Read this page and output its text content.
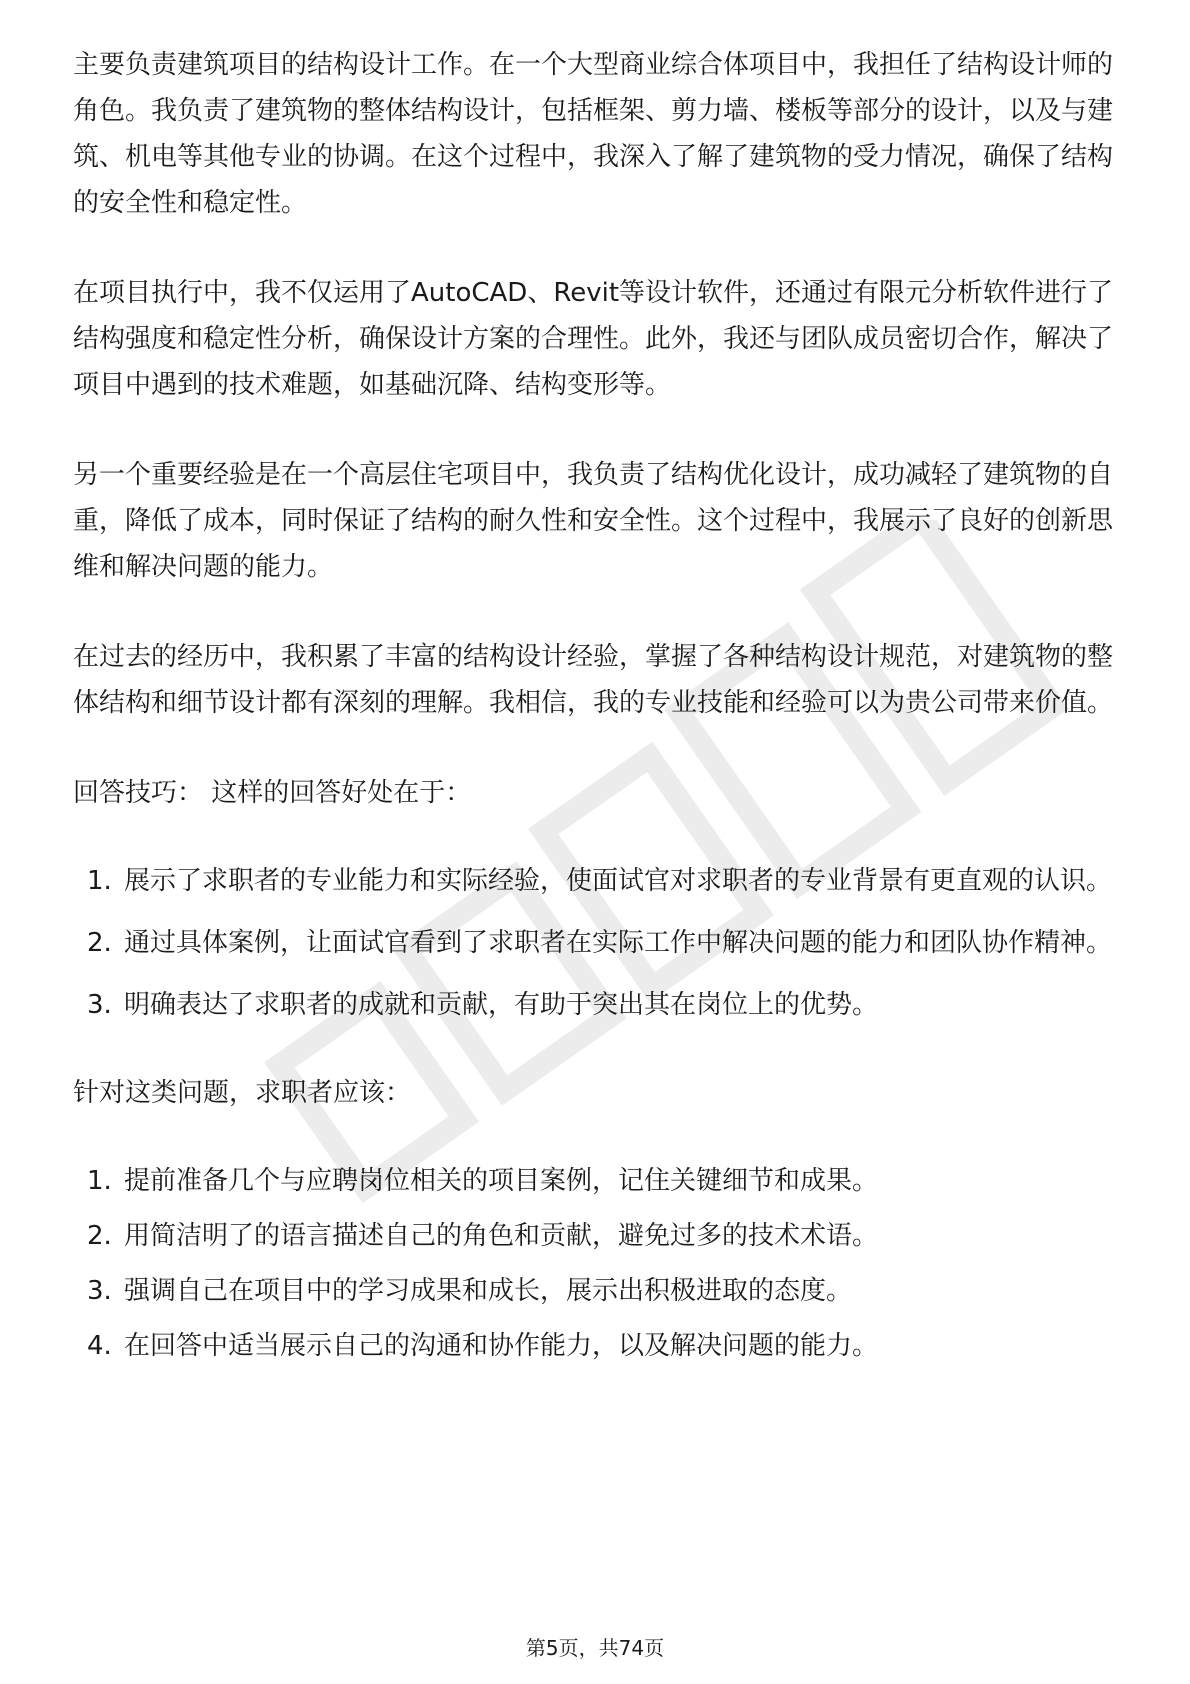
主要负责建筑项目的结构设计工作。在一个大型商业综合体项目中，我担任了结构设计师的角色。我负责了建筑物的整体结构设计，包括框架、剪力墙、楼板等部分的设计，以及与建筑、机电等其他专业的协调。在这个过程中，我深入了解了建筑物的受力情况，确保了结构的安全性和稳定性。

在项目执行中，我不仅运用了AutoCAD、Revit等设计软件，还通过有限元分析软件进行了结构强度和稳定性分析，确保设计方案的合理性。此外，我还与团队成员密切合作，解决了项目中遇到的技术难题，如基础沉降、结构变形等。

另一个重要经验是在一个高层住宅项目中，我负责了结构优化设计，成功减轻了建筑物的自重，降低了成本，同时保证了结构的耐久性和安全性。这个过程中，我展示了良好的创新思维和解决问题的能力。

在过去的经历中，我积累了丰富的结构设计经验，掌握了各种结构设计规范，对建筑物的整体结构和细节设计都有深刻的理解。我相信，我的专业技能和经验可以为贵公司带来价值。

回答技巧： 这样的回答好处在于：

1. 展示了求职者的专业能力和实际经验，使面试官对求职者的专业背景有更直观的认识。
2. 通过具体案例，让面试官看到了求职者在实际工作中解决问题的能力和团队协作精神。
3. 明确表达了求职者的成就和贡献，有助于突出其在岗位上的优势。

针对这类问题，求职者应该：

1. 提前准备几个与应聘岗位相关的项目案例，记住关键细节和成果。
2. 用简洁明了的语言描述自己的角色和贡献，避免过多的技术术语。
3. 强调自己在项目中的学习成果和成长，展示出积极进取的态度。
4. 在回答中适当展示自己的沟通和协作能力，以及解决问题的能力。
第5页，共74页
